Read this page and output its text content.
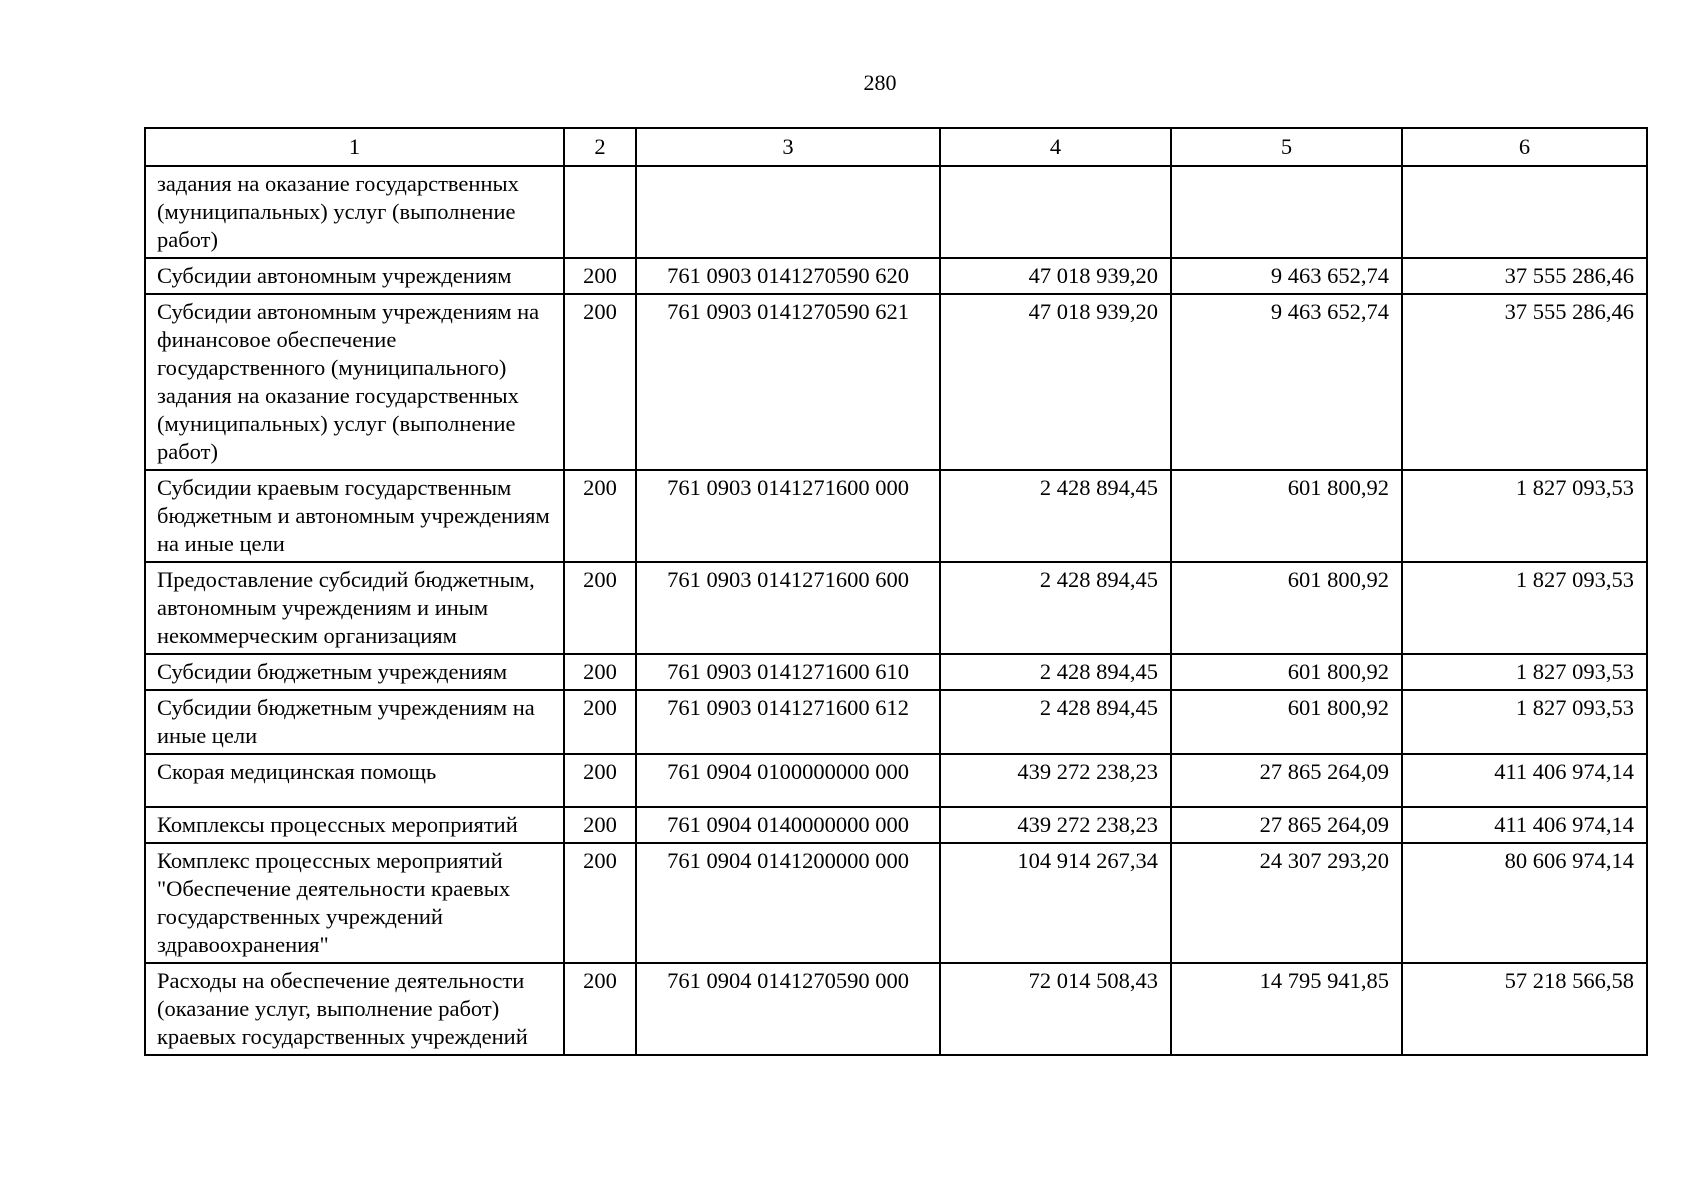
280
1	2	3	4	5	6
задания на оказание государственных (муниципальных) услуг (выполнение работ)					
Субсидии автономным учреждениям	200	761 0903 0141270590 620	47 018 939,20	9 463 652,74	37 555 286,46
Субсидии автономным учреждениям на финансовое обеспечение государственного (муниципального) задания на оказание государственных (муниципальных) услуг (выполнение работ)	200	761 0903 0141270590 621	47 018 939,20	9 463 652,74	37 555 286,46
Субсидии краевым государственным бюджетным и автономным учреждениям на иные цели	200	761 0903 0141271600 000	2 428 894,45	601 800,92	1 827 093,53
Предоставление субсидий бюджетным, автономным учреждениям и иным некоммерческим организациям	200	761 0903 0141271600 600	2 428 894,45	601 800,92	1 827 093,53
Субсидии бюджетным учреждениям	200	761 0903 0141271600 610	2 428 894,45	601 800,92	1 827 093,53
Субсидии бюджетным учреждениям на иные цели	200	761 0903 0141271600 612	2 428 894,45	601 800,92	1 827 093,53
Скорая медицинская помощь	200	761 0904 0100000000 000	439 272 238,23	27 865 264,09	411 406 974,14
Комплексы процессных мероприятий	200	761 0904 0140000000 000	439 272 238,23	27 865 264,09	411 406 974,14
Комплекс процессных мероприятий "Обеспечение деятельности краевых государственных учреждений здравоохранения"	200	761 0904 0141200000 000	104 914 267,34	24 307 293,20	80 606 974,14
Расходы на обеспечение деятельности (оказание услуг, выполнение работ) краевых государственных учреждений	200	761 0904 0141270590 000	72 014 508,43	14 795 941,85	57 218 566,58
